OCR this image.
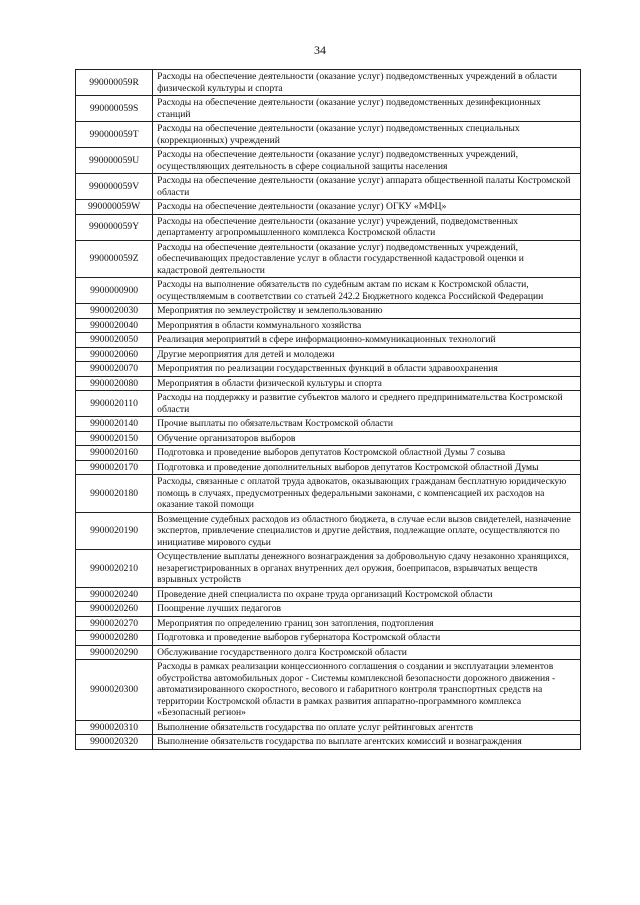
34
990000059R	Расходы на обеспечение деятельности (оказание услуг) подведомственных учреждений в области физической культуры и спорта
990000059S	Расходы на обеспечение деятельности (оказание услуг) подведомственных дезинфекционных станций
990000059T	Расходы на обеспечение деятельности (оказание услуг) подведомственных специальных (коррекционных) учреждений
990000059U	Расходы на обеспечение деятельности (оказание услуг) подведомственных учреждений, осуществляющих деятельность в сфере социальной защиты населения
990000059V	Расходы на обеспечение деятельности (оказание услуг) аппарата общественной палаты Костромской области
990000059W	Расходы на обеспечение деятельности (оказание услуг) ОГКУ «МФЦ»
990000059Y	Расходы на обеспечение деятельности (оказание услуг) учреждений, подведомственных департаменту агропромышленного комплекса Костромской области
990000059Z	Расходы на обеспечение деятельности (оказание услуг) подведомственных учреждений, обеспечивающих предоставление услуг в области государственной кадастровой оценки и кадастровой деятельности
9900000900	Расходы на выполнение обязательств по судебным актам по искам к Костромской области, осуществляемым в соответствии со статьей 242.2 Бюджетного кодекса Российской Федерации
9900020030	Мероприятия по землеустройству и землепользованию
9900020040	Мероприятия в области коммунального хозяйства
9900020050	Реализация мероприятий в сфере информационно-коммуникационных технологий
9900020060	Другие мероприятия для детей и молодежи
9900020070	Мероприятия по реализации государственных функций в области здравоохранения
9900020080	Мероприятия в области физической культуры и спорта
9900020110	Расходы на поддержку и развитие субъектов малого и среднего предпринимательства Костромской области
9900020140	Прочие выплаты по обязательствам Костромской области
9900020150	Обучение организаторов выборов
9900020160	Подготовка и проведение выборов депутатов Костромской областной Думы 7 созыва
9900020170	Подготовка и проведение дополнительных выборов депутатов Костромской областной Думы
9900020180	Расходы, связанные с оплатой труда адвокатов, оказывающих гражданам бесплатную юридическую помощь в случаях, предусмотренных федеральными законами, с компенсацией их расходов на оказание такой помощи
9900020190	Возмещение судебных расходов из областного бюджета, в случае если вызов свидетелей, назначение экспертов, привлечение специалистов и другие действия, подлежащие оплате, осуществляются по инициативе мирового судьи
9900020210	Осуществление выплаты денежного вознаграждения за добровольную сдачу незаконно хранящихся, незарегистрированных в органах внутренних дел оружия, боеприпасов, взрывчатых веществ взрывных устройств
9900020240	Проведение дней специалиста по охране труда организаций Костромской области
9900020260	Поощрение лучших педагогов
9900020270	Мероприятия по определению границ зон затопления, подтопления
9900020280	Подготовка и проведение выборов губернатора Костромской области
9900020290	Обслуживание государственного долга Костромской области
9900020300	Расходы в рамках реализации концессионного соглашения о создании и эксплуатации элементов обустройства автомобильных дорог - Системы комплексной безопасности дорожного движения - автоматизированного скоростного, весового и габаритного контроля транспортных средств на территории Костромской области в рамках развития аппаратно-программного комплекса «Безопасный регион»
9900020310	Выполнение обязательств государства по оплате услуг рейтинговых агентств
9900020320	Выполнение обязательств государства по выплате агентских комиссий и вознаграждения
